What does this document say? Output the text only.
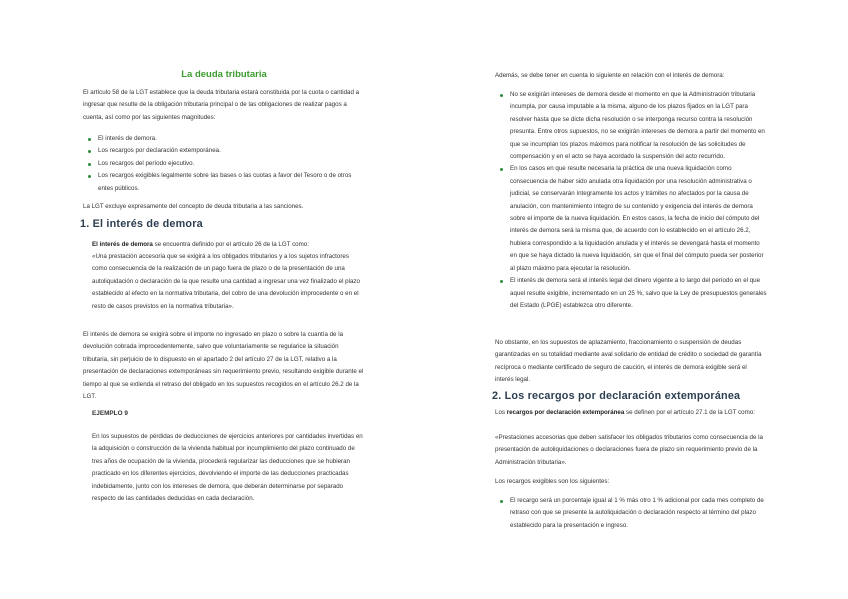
La deuda tributaria

El artículo 58 de la LGT establece que la deuda tributaria estará constituida por la cuota o cantidad a ingresar que resulte de la obligación tributaria principal o de las obligaciones de realizar pagos a cuenta, así como por las siguientes magnitudes:

El interés de demora.
Los recargos por declaración extemporánea.
Los recargos del período ejecutivo.
Los recargos exigibles legalmente sobre las bases o las cuotas a favor del Tesoro o de otros entes públicos.

La LGT excluye expresamente del concepto de deuda tributaria a las sanciones.

1. El interés de demora

El interés de demora se encuentra definido por el artículo 26 de la LGT como:

«Una prestación accesoria que se exigirá a los obligados tributarios y a los sujetos infractores como consecuencia de la realización de un pago fuera de plazo o de la presentación de una autoliquidación o declaración de la que resulte una cantidad a ingresar una vez finalizado el plazo establecido al efecto en la normativa tributaria, del cobro de una devolución improcedente o en el resto de casos previstos en la normativa tributaria».

El interés de demora se exigirá sobre el importe no ingresado en plazo o sobre la cuantía de la devolución cobrada improcedentemente, salvo que voluntariamente se regularice la situación tributaria, sin perjuicio de lo dispuesto en el apartado 2 del artículo 27 de la LGT, relativo a la presentación de declaraciones extemporáneas sin requerimiento previo, resultando exigible durante el tiempo al que se extienda el retraso del obligado en los supuestos recogidos en el artículo 26.2 de la LGT.

EJEMPLO 9

En los supuestos de pérdidas de deducciones de ejercicios anteriores por cantidades invertidas en la adquisición o construcción de la vivienda habitual por incumplimiento del plazo continuado de tres años de ocupación de la vivienda, procederá regularizar las deducciones que se hubieran practicado en los diferentes ejercicios, devolviendo el importe de las deducciones practicadas indebidamente, junto con los intereses de demora, que deberán determinarse por separado respecto de las cantidades deducidas en cada declaración.

Además, se debe tener en cuenta lo siguiente en relación con el interés de demora:

No se exigirán intereses de demora desde el momento en que la Administración tributaria incumpla, por causa imputable a la misma, alguno de los plazos fijados en la LGT para resolver hasta que se dicte dicha resolución o se interponga recurso contra la resolución presunta. Entre otros supuestos, no se exigirán intereses de demora a partir del momento en que se incumplan los plazos máximos para notificar la resolución de las solicitudes de compensación y en el acto se haya acordado la suspensión del acto recurrido.
En los casos en que resulte necesaria la práctica de una nueva liquidación como consecuencia de haber sido anulada otra liquidación por una resolución administrativa o judicial, se conservarán íntegramente los actos y trámites no afectados por la causa de anulación, con mantenimiento íntegro de su contenido y exigencia del interés de demora sobre el importe de la nueva liquidación. En estos casos, la fecha de inicio del cómputo del interés de demora será la misma que, de acuerdo con lo establecido en el artículo 26.2, hubiera correspondido a la liquidación anulada y el interés se devengará hasta el momento en que se haya dictado la nueva liquidación, sin que el final del cómputo pueda ser posterior al plazo máximo para ejecutar la resolución.
El interés de demora será el interés legal del dinero vigente a lo largo del período en el que aquel resulte exigible, incrementado en un 25 %, salvo que la Ley de presupuestos generales del Estado (LPGE) establezca otro diferente.

No obstante, en los supuestos de aplazamiento, fraccionamiento o suspensión de deudas garantizadas en su totalidad mediante aval solidario de entidad de crédito o sociedad de garantía recíproca o mediante certificado de seguro de caución, el interés de demora exigible será el interés legal.

2. Los recargos por declaración extemporánea

Los recargos por declaración extemporánea se definen por el artículo 27.1 de la LGT como:

«Prestaciones accesorias que deben satisfacer los obligados tributarios como consecuencia de la presentación de autoliquidaciones o declaraciones fuera de plazo sin requerimiento previo de la Administración tributaria».

Los recargos exigibles son los siguientes:

El recargo será un porcentaje igual al 1 % más otro 1 % adicional por cada mes completo de retraso con que se presente la autoliquidación o declaración respecto al término del plazo establecido para la presentación e ingreso.
